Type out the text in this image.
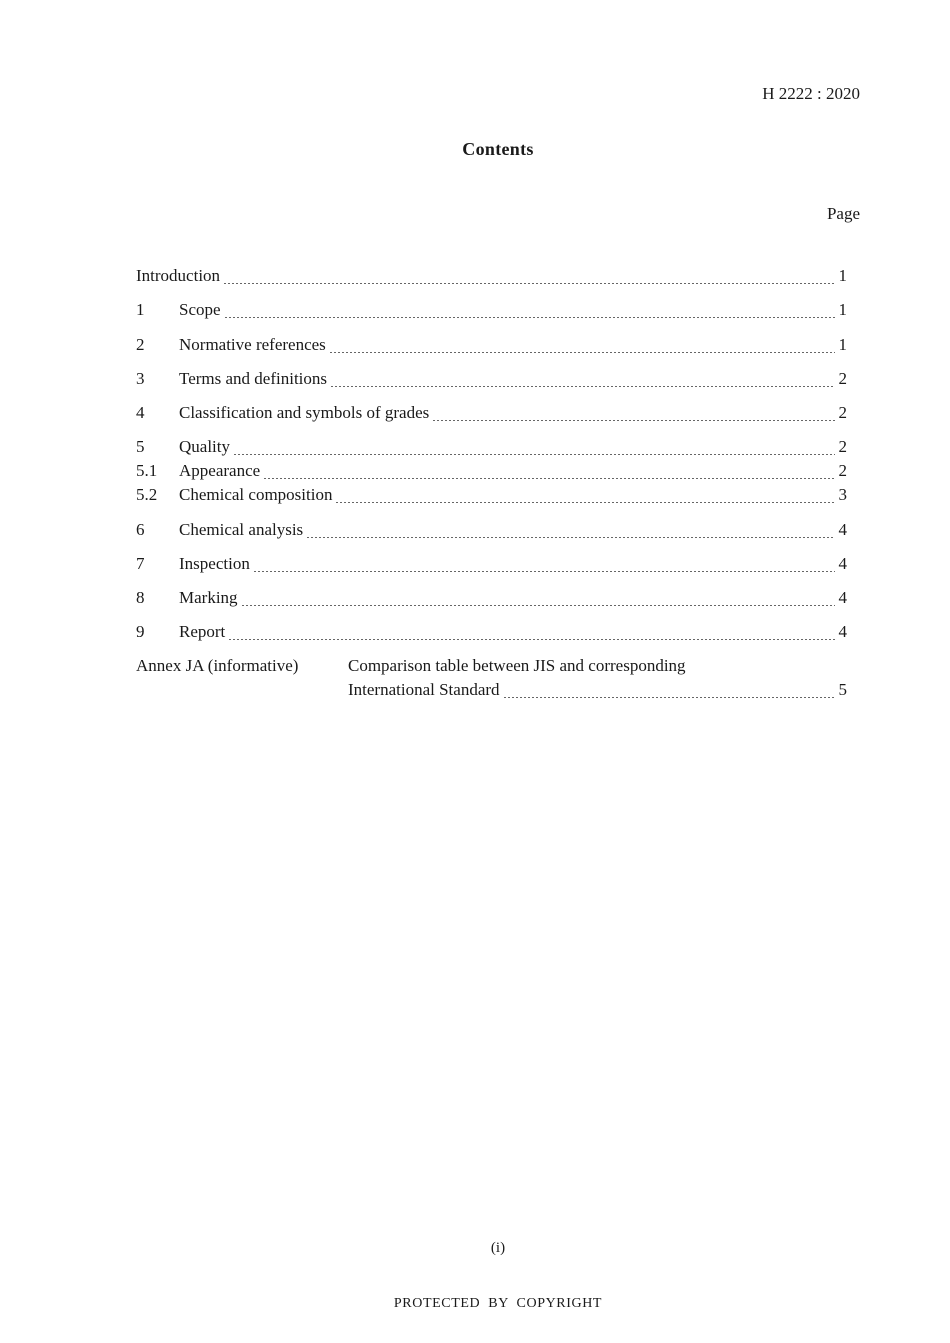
H 2222 : 2020
Contents
Page
Introduction	1
1	Scope	1
2	Normative references	1
3	Terms and definitions	2
4	Classification and symbols of grades	2
5	Quality	2
5.1	Appearance	2
5.2	Chemical composition	3
6	Chemical analysis	4
7	Inspection	4
8	Marking	4
9	Report	4
Annex JA (informative)	Comparison table between JIS and corresponding
International Standard	5
(i)
PROTECTED BY COPYRIGHT
